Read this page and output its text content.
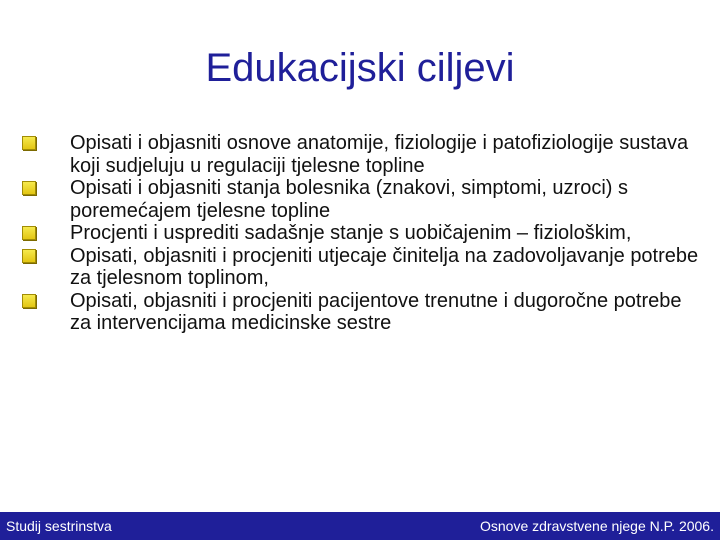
Edukacijski ciljevi
Opisati i objasniti osnove anatomije, fiziologije i patofiziologije sustava koji sudjeluju u regulaciji tjelesne topline
Opisati i objasniti stanja bolesnika (znakovi, simptomi, uzroci) s poremećajem tjelesne topline
Procjenti i usprediti sadašnje stanje s uobičajenim – fiziološkim,
Opisati, objasniti i procjeniti utjecaje činitelja na zadovoljavanje potrebe za tjelesnom toplinom,
Opisati, objasniti i procjeniti pacijentove trenutne i dugoročne potrebe za intervencijama medicinske sestre
Studij sestrinstva	Osnove zdravstvene njege N.P. 2006.
